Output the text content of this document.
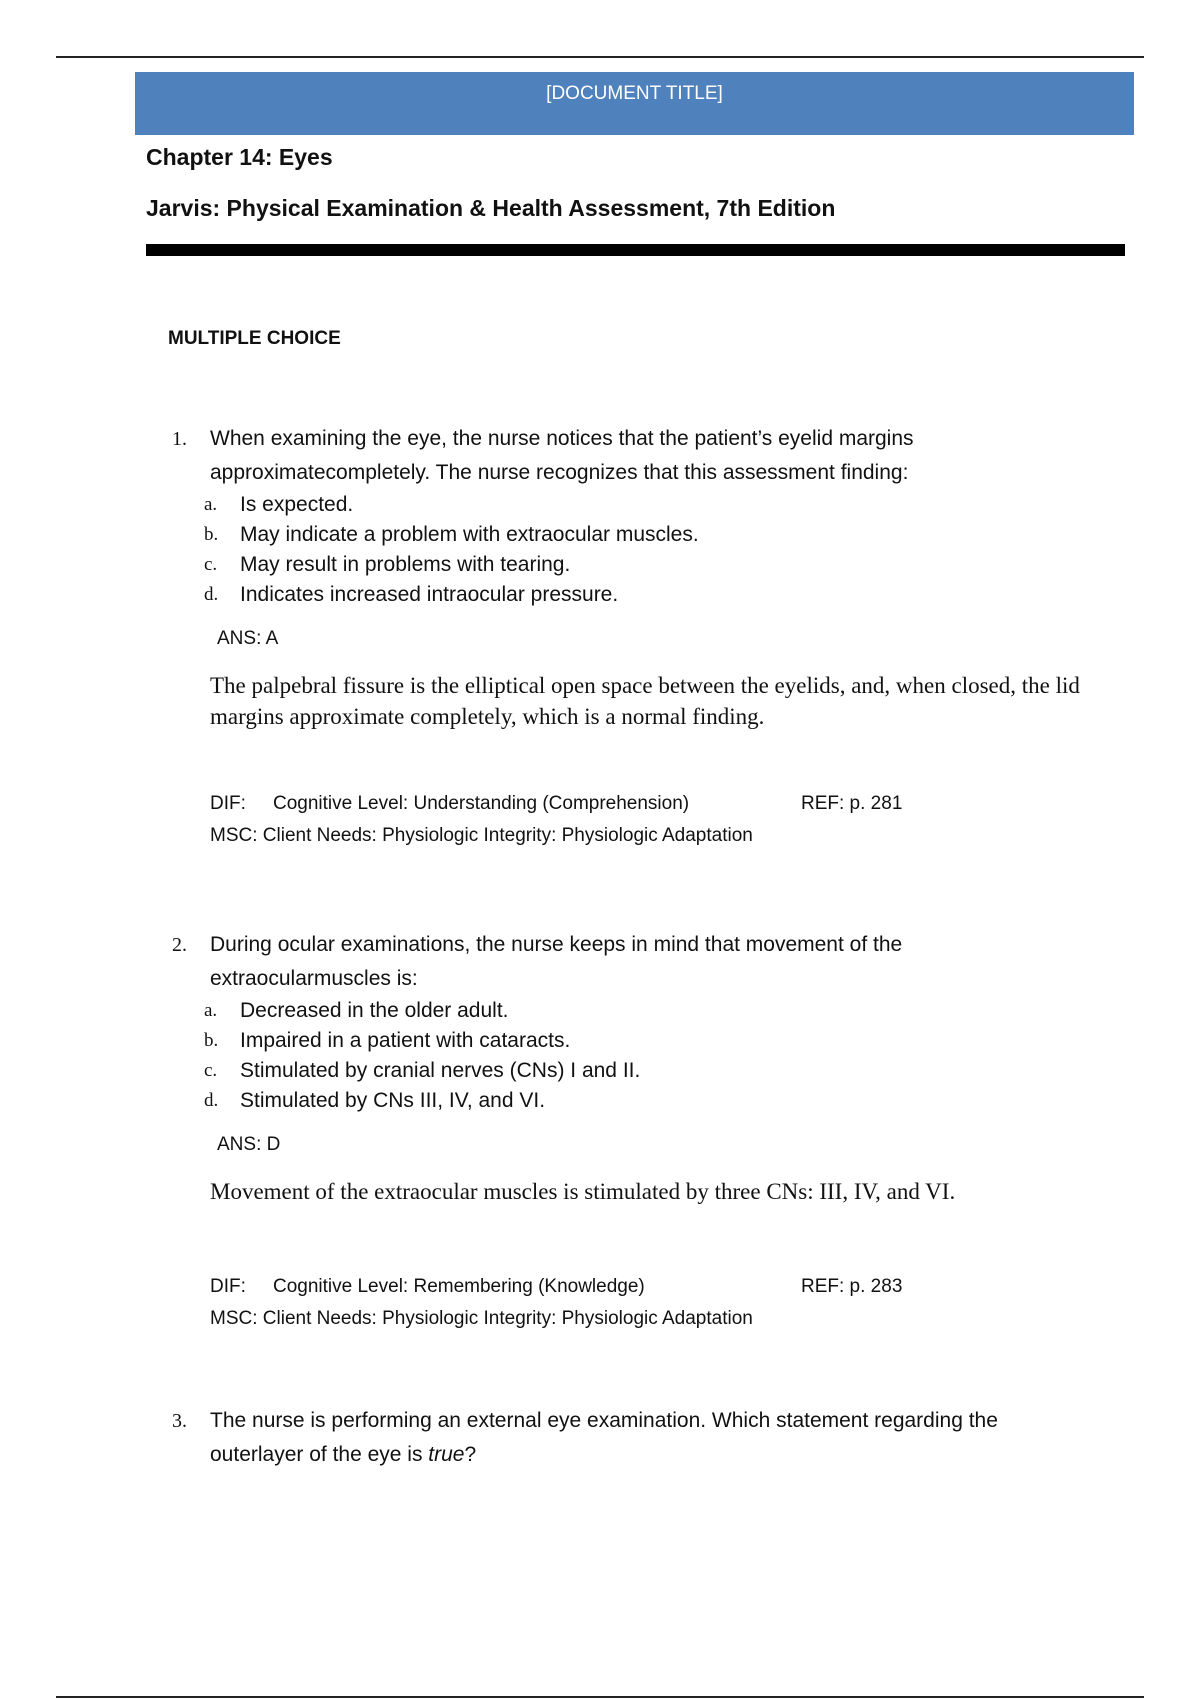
[DOCUMENT TITLE]
Chapter 14: Eyes
Jarvis: Physical Examination & Health Assessment, 7th Edition
MULTIPLE CHOICE
1. When examining the eye, the nurse notices that the patient’s eyelid margins approximatecompletely. The nurse recognizes that this assessment finding:
a. Is expected.
b. May indicate a problem with extraocular muscles.
c. May result in problems with tearing.
d. Indicates increased intraocular pressure.
ANS: A
The palpebral fissure is the elliptical open space between the eyelids, and, when closed, the lid margins approximate completely, which is a normal finding.
DIF: Cognitive Level: Understanding (Comprehension)	REF: p. 281
MSC: Client Needs: Physiologic Integrity: Physiologic Adaptation
2. During ocular examinations, the nurse keeps in mind that movement of the extraocularmuscles is:
a. Decreased in the older adult.
b. Impaired in a patient with cataracts.
c. Stimulated by cranial nerves (CNs) I and II.
d. Stimulated by CNs III, IV, and VI.
ANS: D
Movement of the extraocular muscles is stimulated by three CNs: III, IV, and VI.
DIF: Cognitive Level: Remembering (Knowledge)	REF: p. 283
MSC: Client Needs: Physiologic Integrity: Physiologic Adaptation
3. The nurse is performing an external eye examination. Which statement regarding the outerlayer of the eye is true?
